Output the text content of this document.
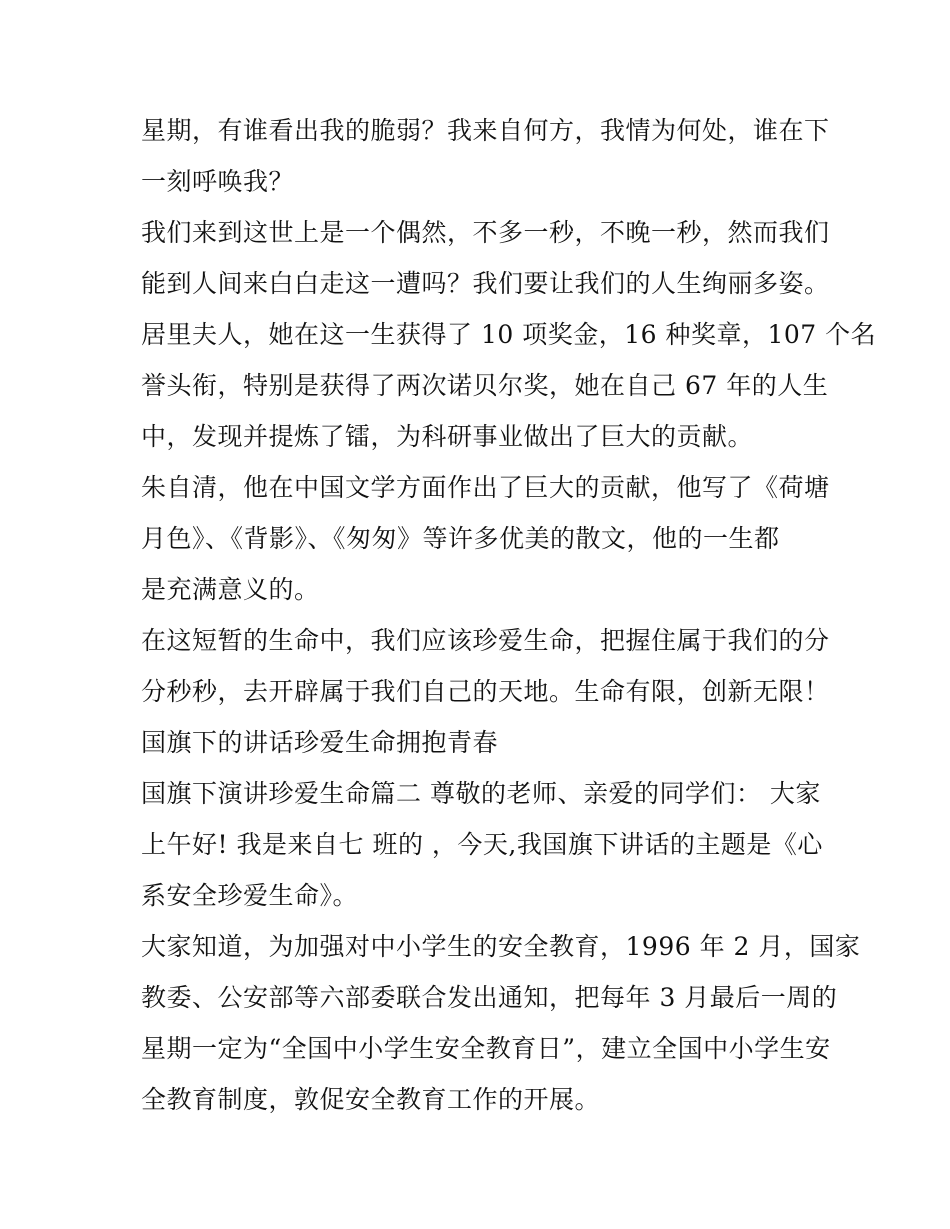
星期，有谁看出我的脆弱？我来自何方，我情为何处，谁在下
一刻呼唤我？

我们来到这世上是一个偶然，不多一秒，不晚一秒，然而我们
能到人间来白白走这一遭吗？我们要让我们的人生绚丽多姿。

居里夫人，她在这一生获得了 10 项奖金，16 种奖章，107 个名
誉头衔，特别是获得了两次诺贝尔奖，她在自己 67 年的人生
中，发现并提炼了镭，为科研事业做出了巨大的贡献。

朱自清，他在中国文学方面作出了巨大的贡献，他写了《荷塘
月色》、《背影》、《匆匆》等许多优美的散文，他的一生都
是充满意义的。

在这短暂的生命中，我们应该珍爱生命，把握住属于我们的分
分秒秒，去开辟属于我们自己的天地。生命有限，创新无限！

国旗下的讲话珍爱生命拥抱青春

国旗下演讲珍爱生命篇二 尊敬的老师、亲爱的同学们： 大家
上午好! 我是来自七 班的 ，今天,我国旗下讲话的主题是《心
系安全珍爱生命》。

大家知道，为加强对中小学生的安全教育，1996 年 2 月，国家
教委、公安部等六部委联合发出通知，把每年 3 月最后一周的
星期一定为“全国中小学生安全教育日”，建立全国中小学生安
全教育制度，敦促安全教育工作的开展。
